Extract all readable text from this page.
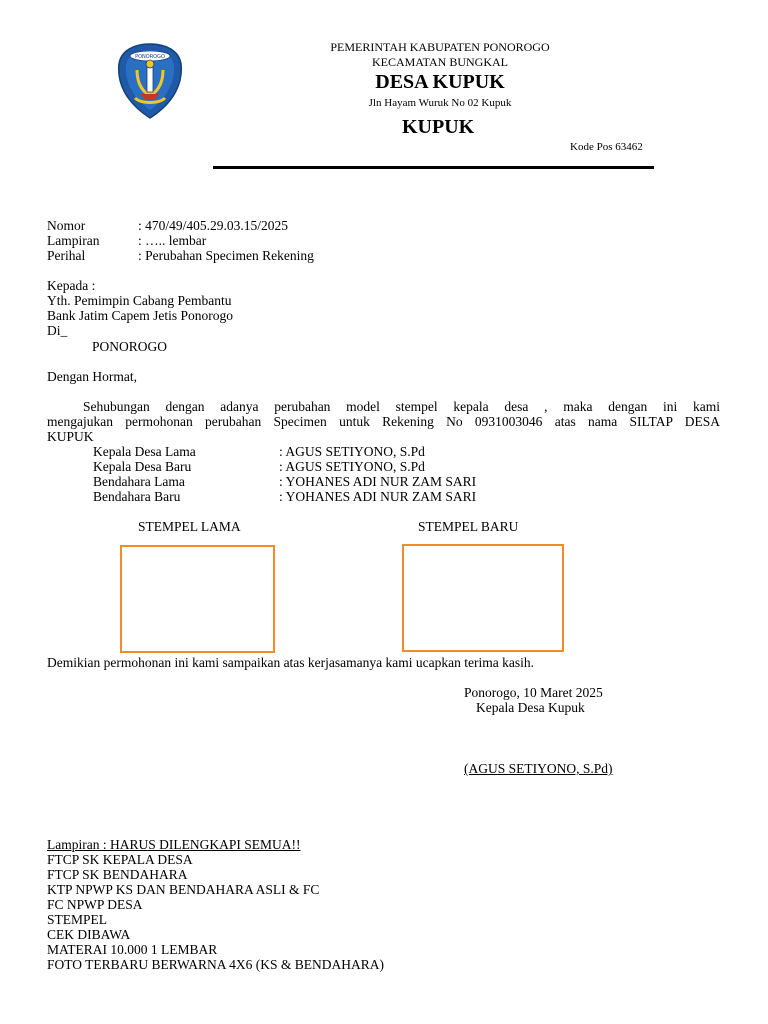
PONOROGO
PEMERINTAH KABUPATEN PONOROGO
KECAMATAN BUNGKAL
DESA KUPUK
Jln Hayam Wuruk No 02 Kupuk
KUPUK
Kode Pos 63462
Nomor	: 470/49/405.29.03.15/2025
Lampiran	: ….. lembar
Perihal	: Perubahan Specimen Rekening
Kepada :
Yth. Pemimpin Cabang Pembantu
Bank Jatim Capem Jetis Ponorogo
Di_
PONOROGO
Dengan Hormat,
Sehubungan dengan adanya perubahan model stempel kepala desa , maka dengan ini kami
mengajukan permohonan perubahan Specimen untuk Rekening No 0931003046 atas nama SILTAP DESA
KUPUK
Kepala Desa Lama	: AGUS SETIYONO, S.Pd
Kepala Desa Baru	: AGUS SETIYONO, S.Pd
Bendahara Lama	: YOHANES ADI NUR ZAM SARI
Bendahara Baru	: YOHANES ADI NUR ZAM SARI
STEMPEL LAMA	STEMPEL BARU
Demikian permohonan ini kami sampaikan atas kerjasamanya kami ucapkan terima kasih.
Ponorogo, 10 Maret 2025
Kepala Desa Kupuk
(AGUS SETIYONO, S.Pd)
Lampiran : HARUS DILENGKAPI SEMUA!!
FTCP SK KEPALA DESA
FTCP SK BENDAHARA
KTP NPWP KS DAN BENDAHARA ASLI & FC
FC NPWP DESA
STEMPEL
CEK DIBAWA
MATERAI 10.000 1 LEMBAR
FOTO TERBARU BERWARNA 4X6 (KS & BENDAHARA)
